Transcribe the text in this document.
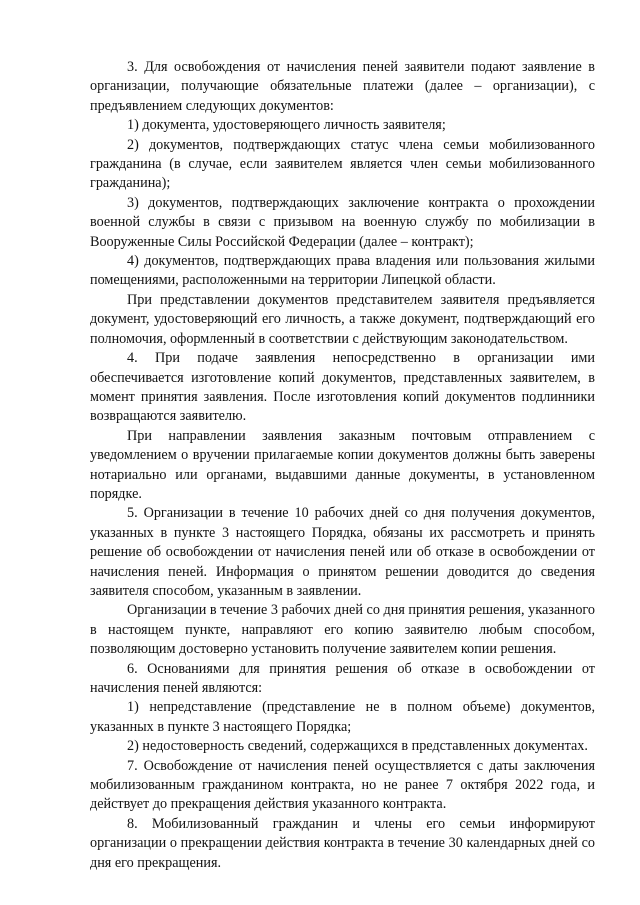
3. Для освобождения от начисления пеней заявители подают заявление в организации, получающие обязательные платежи (далее – организации), с предъявлением следующих документов:

1) документа, удостоверяющего личность заявителя;

2) документов, подтверждающих статус члена семьи мобилизованного гражданина (в случае, если заявителем является член семьи мобилизованного гражданина);

3) документов, подтверждающих заключение контракта о прохождении военной службы в связи с призывом на военную службу по мобилизации в Вооруженные Силы Российской Федерации (далее – контракт);

4) документов, подтверждающих права владения или пользования жилыми помещениями, расположенными на территории Липецкой области.

При представлении документов представителем заявителя предъявляется документ, удостоверяющий его личность, а также документ, подтверждающий его полномочия, оформленный в соответствии с действующим законодательством.

4. При подаче заявления непосредственно в организации ими обеспечивается изготовление копий документов, представленных заявителем, в момент принятия заявления. После изготовления копий документов подлинники возвращаются заявителю.

При направлении заявления заказным почтовым отправлением с уведомлением о вручении прилагаемые копии документов должны быть заверены нотариально или органами, выдавшими данные документы, в установленном порядке.

5. Организации в течение 10 рабочих дней со дня получения документов, указанных в пункте 3 настоящего Порядка, обязаны их рассмотреть и принять решение об освобождении от начисления пеней или об отказе в освобождении от начисления пеней. Информация о принятом решении доводится до сведения заявителя способом, указанным в заявлении.

Организации в течение 3 рабочих дней со дня принятия решения, указанного в настоящем пункте, направляют его копию заявителю любым способом, позволяющим достоверно установить получение заявителем копии решения.

6. Основаниями для принятия решения об отказе в освобождении от начисления пеней являются:

1) непредставление (представление не в полном объеме) документов, указанных в пункте 3 настоящего Порядка;

2) недостоверность сведений, содержащихся в представленных документах.

7. Освобождение от начисления пеней осуществляется с даты заключения мобилизованным гражданином контракта, но не ранее 7 октября 2022 года, и действует до прекращения действия указанного контракта.

8. Мобилизованный гражданин и члены его семьи информируют организации о прекращении действия контракта в течение 30 календарных дней со дня его прекращения.
